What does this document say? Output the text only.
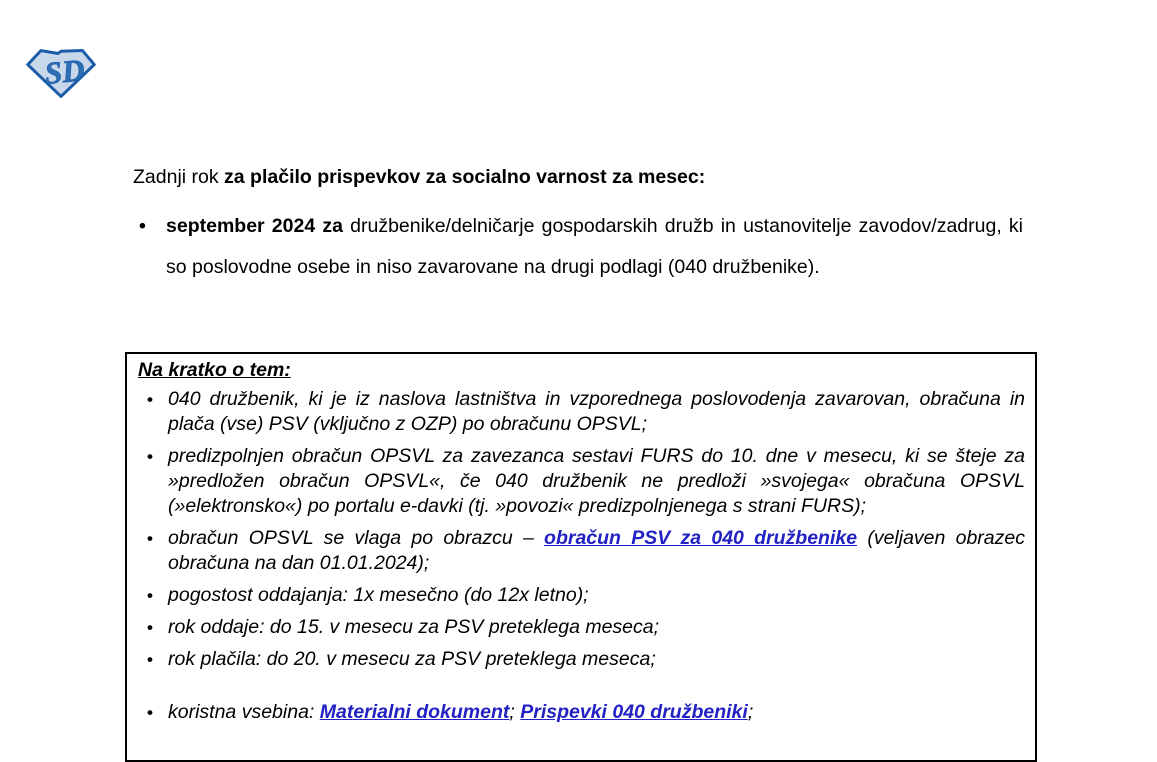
SD
Zadnji rok za plačilo prispevkov za socialno varnost za mesec:
• september 2024 za družbenike/delničarje gospodarskih družb in ustanovitelje zavodov/zadrug, ki so poslovodne osebe in niso zavarovane na drugi podlagi (040 družbenike).

Na kratko o tem:

• 040 družbenik, ki je iz naslova lastništva in vzporednega poslovodenja zavarovan, obračuna in plača (vse) PSV (vključno z OZP) po obračunu OPSVL;
• predizpolnjen obračun OPSVL za zavezanca sestavi FURS do 10. dne v mesecu, ki se šteje za »predložen obračun OPSVL«, če 040 družbenik ne predloži »svojega« obračuna OPSVL (»elektronsko«) po portalu e-davki (tj. »povozi« predizpolnjenega s strani FURS);
• obračun OPSVL se vlaga po obrazcu – obračun PSV za 040 družbenike (veljaven obrazec obračuna na dan 01.01.2024);
• pogostost oddajanja: 1x mesečno (do 12x letno);
• rok oddaje: do 15. v mesecu za PSV preteklega meseca;
• rok plačila: do 20. v mesecu za PSV preteklega meseca;
• koristna vsebina: Materialni dokument; Prispevki 040 družbeniki;
